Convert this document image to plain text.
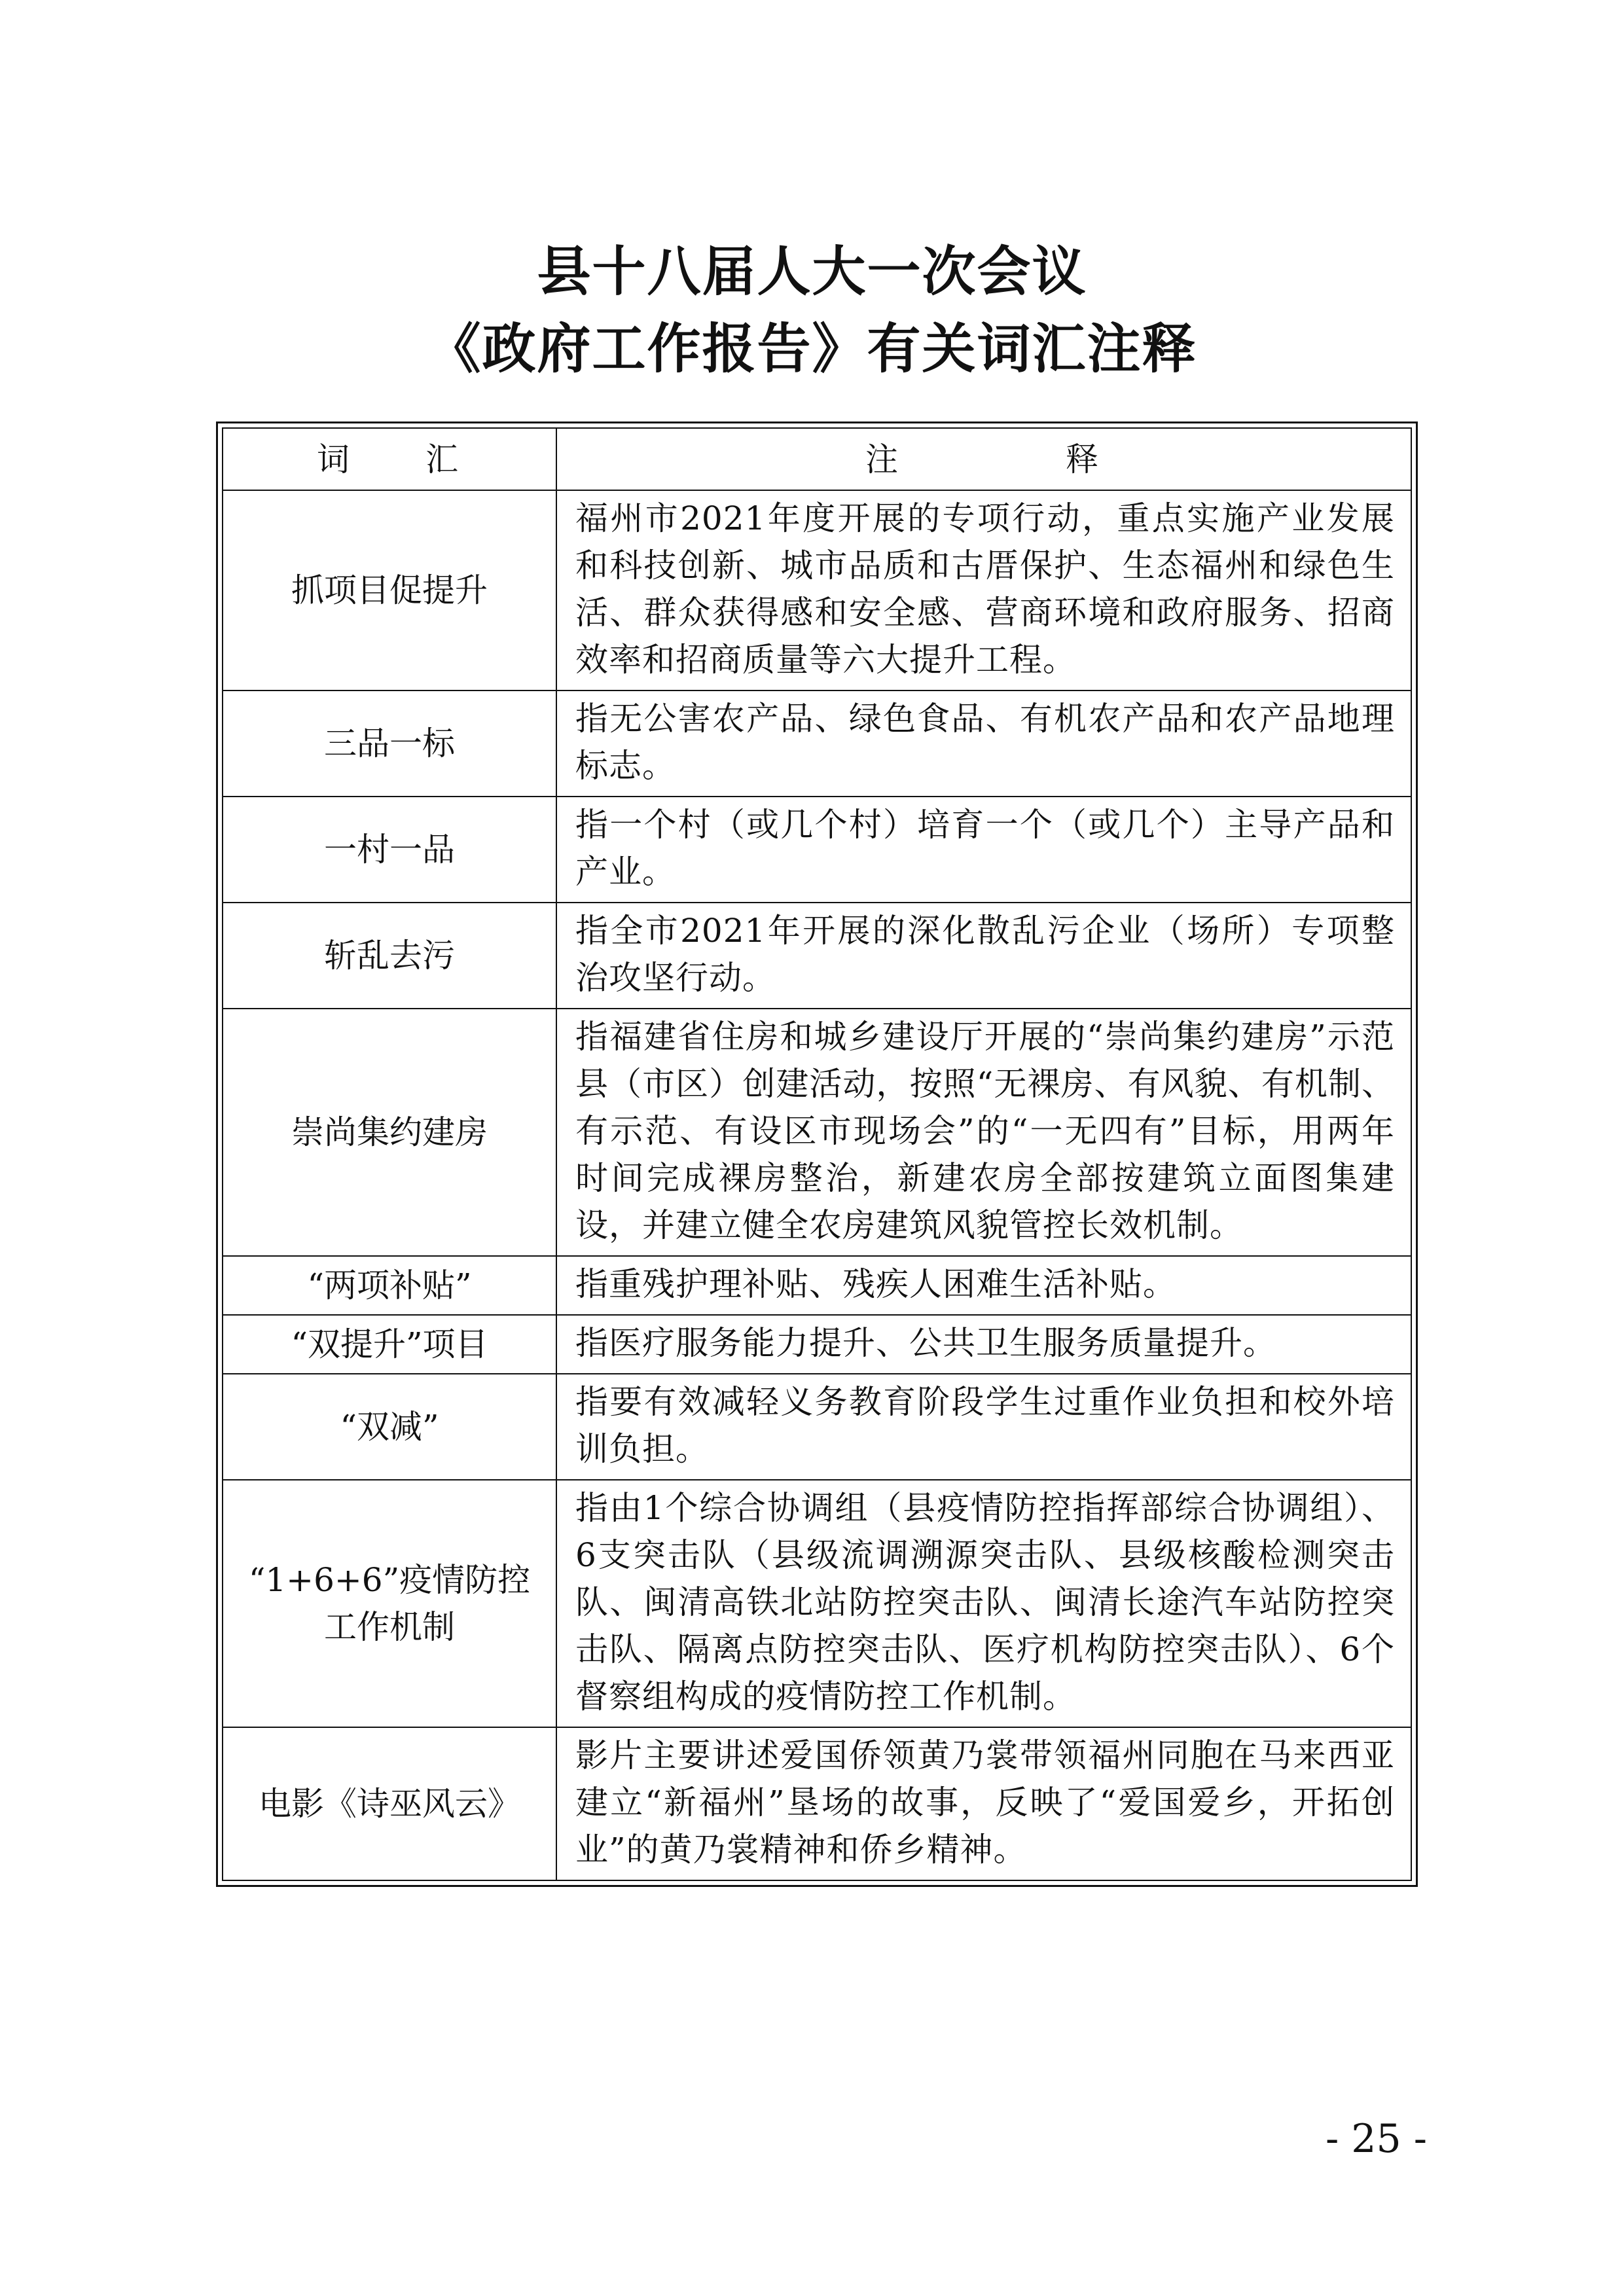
县十八届人大一次会议
《政府工作报告》有关词汇注释
词 汇	注 释
抓项目促提升	福州市2021年度开展的专项行动，重点实施产业发展和科技创新、城市品质和古厝保护、生态福州和绿色生活、群众获得感和安全感、营商环境和政府服务、招商效率和招商质量等六大提升工程。
三品一标	指无公害农产品、绿色食品、有机农产品和农产品地理标志。
一村一品	指一个村（或几个村）培育一个（或几个）主导产品和产业。
斩乱去污	指全市2021年开展的深化散乱污企业（场所）专项整治攻坚行动。
崇尚集约建房	指福建省住房和城乡建设厅开展的“崇尚集约建房”示范县（市区）创建活动，按照“无裸房、有风貌、有机制、有示范、有设区市现场会”的“一无四有”目标，用两年时间完成裸房整治，新建农房全部按建筑立面图集建设，并建立健全农房建筑风貌管控长效机制。
“两项补贴”	指重残护理补贴、残疾人困难生活补贴。
“双提升”项目	指医疗服务能力提升、公共卫生服务质量提升。
“双减”	指要有效减轻义务教育阶段学生过重作业负担和校外培训负担。
“1+6+6”疫情防控工作机制	指由1个综合协调组（县疫情防控指挥部综合协调组）、6支突击队（县级流调溯源突击队、县级核酸检测突击队、闽清高铁北站防控突击队、闽清长途汽车站防控突击队、隔离点防控突击队、医疗机构防控突击队）、6个督察组构成的疫情防控工作机制。
电影《诗巫风云》	影片主要讲述爱国侨领黄乃裳带领福州同胞在马来西亚建立“新福州”垦场的故事，反映了“爱国爱乡，开拓创业”的黄乃裳精神和侨乡精神。
- 25 -
